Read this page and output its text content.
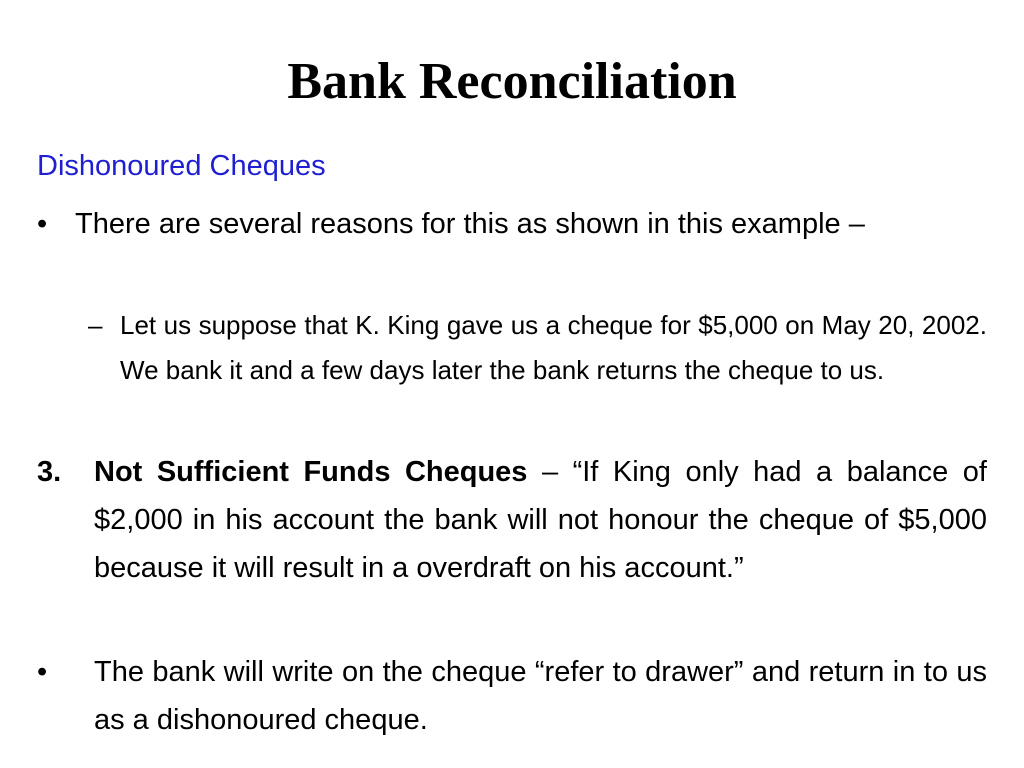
Bank Reconciliation
Dishonoured Cheques
• There are several reasons for this as shown in this example –
– Let us suppose that K. King gave us a cheque for $5,000 on May 20, 2002. We bank it and a few days later the bank returns the cheque to us.
3. Not Sufficient Funds Cheques – “If King only had a balance of $2,000 in his account the bank will not honour the cheque of $5,000 because it will result in a overdraft on his account.”
• The bank will write on the cheque “refer to drawer” and return in to us as a dishonoured cheque.
